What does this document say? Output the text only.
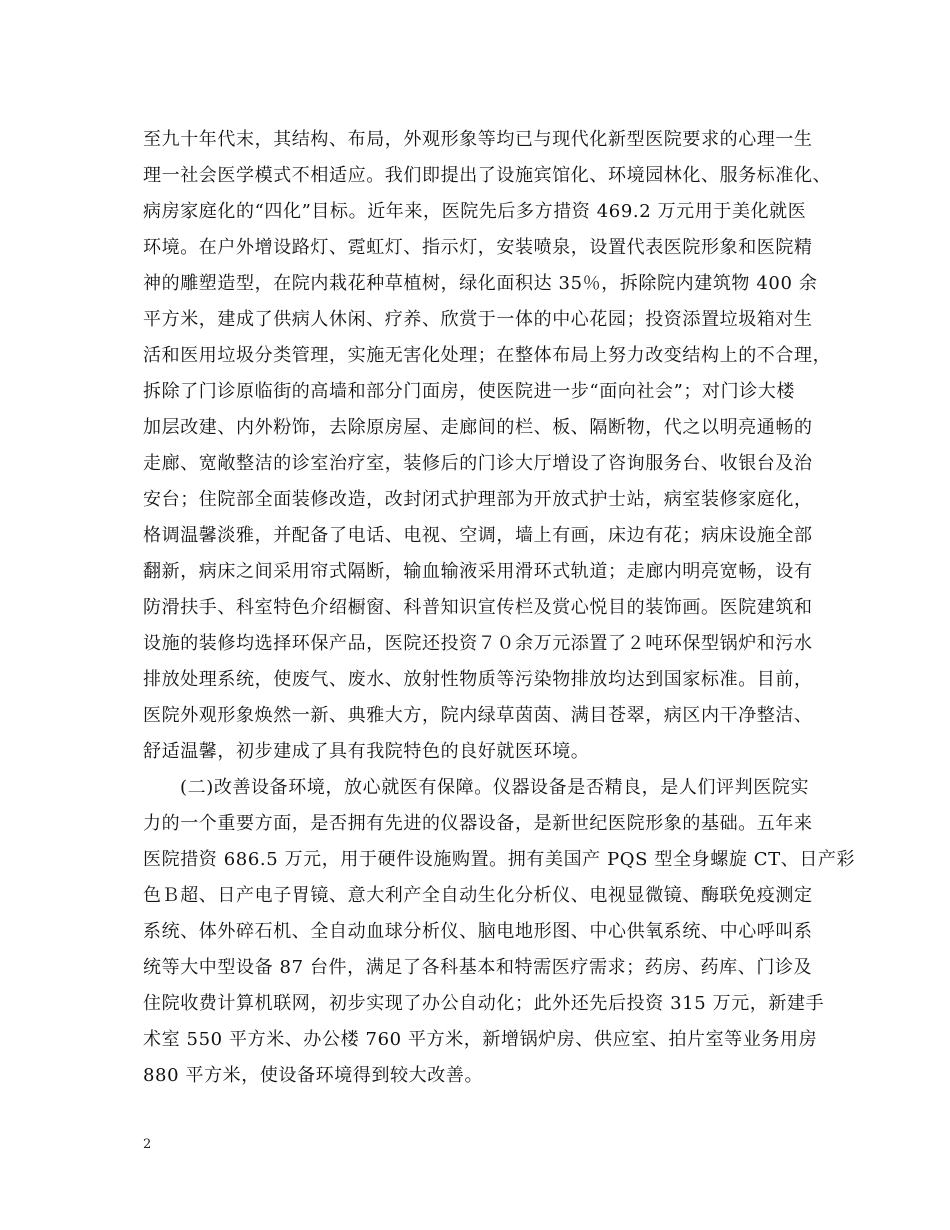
至九十年代末，其结构、布局，外观形象等均已与现代化新型医院要求的心理一生
理一社会医学模式不相适应。我们即提出了设施宾馆化、环境园林化、服务标准化、
病房家庭化的“四化”目标。近年来，医院先后多方措资 469.2 万元用于美化就医
环境。在户外增设路灯、霓虹灯、指示灯，安装喷泉，设置代表医院形象和医院精
神的雕塑造型，在院内栽花种草植树，绿化面积达 35％，拆除院内建筑物 400 余
平方米，建成了供病人休闲、疗养、欣赏于一体的中心花园；投资添置垃圾箱对生
活和医用垃圾分类管理，实施无害化处理；在整体布局上努力改变结构上的不合理，
拆除了门诊原临街的高墙和部分门面房，使医院进一步“面向社会”；对门诊大楼
加层改建、内外粉饰，去除原房屋、走廊间的栏、板、隔断物，代之以明亮通畅的
走廊、宽敞整洁的诊室治疗室，装修后的门诊大厅增设了咨询服务台、收银台及治
安台；住院部全面装修改造，改封闭式护理部为开放式护士站，病室装修家庭化，
格调温馨淡雅，并配备了电话、电视、空调，墙上有画，床边有花；病床设施全部
翻新，病床之间采用帘式隔断，输血输液采用滑环式轨道；走廊内明亮宽畅，设有
防滑扶手、科室特色介绍橱窗、科普知识宣传栏及赏心悦目的装饰画。医院建筑和
设施的装修均选择环保产品，医院还投资７０余万元添置了２吨环保型锅炉和污水
排放处理系统，使废气、废水、放射性物质等污染物排放均达到国家标准。目前，
医院外观形象焕然一新、典雅大方，院内绿草茵茵、满目苍翠，病区内干净整洁、
舒适温馨，初步建成了具有我院特色的良好就医环境。
(二)改善设备环境，放心就医有保障。仪器设备是否精良，是人们评判医院实
力的一个重要方面，是否拥有先进的仪器设备，是新世纪医院形象的基础。五年来
医院措资 686.5 万元，用于硬件设施购置。拥有美国产 PQS 型全身螺旋 CT、日产彩
色Ｂ超、日产电子胃镜、意大利产全自动生化分析仪、电视显微镜、酶联免疫测定
系统、体外碎石机、全自动血球分析仪、脑电地形图、中心供氧系统、中心呼叫系
统等大中型设备 87 台件，满足了各科基本和特需医疗需求；药房、药库、门诊及
住院收费计算机联网，初步实现了办公自动化；此外还先后投资 315 万元，新建手
术室 550 平方米、办公楼 760 平方米，新增锅炉房、供应室、拍片室等业务用房
880 平方米，使设备环境得到较大改善。
2
